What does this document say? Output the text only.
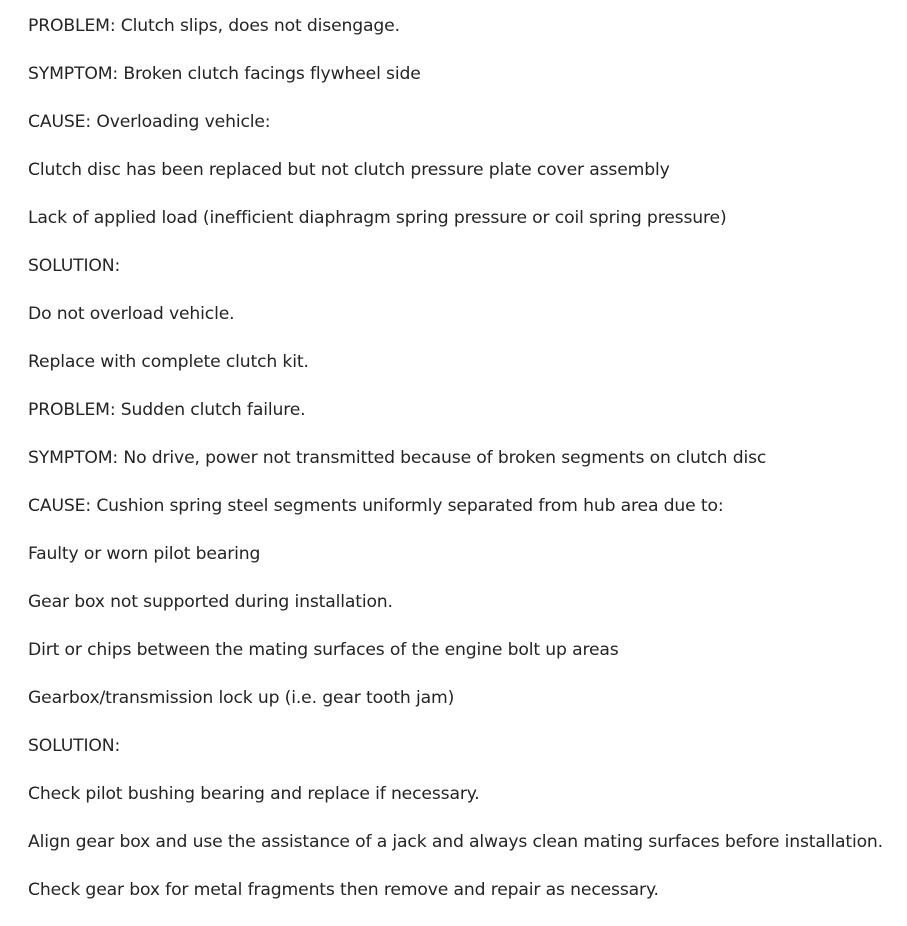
PROBLEM: Clutch slips, does not disengage.
SYMPTOM: Broken clutch facings flywheel side
CAUSE: Overloading vehicle:
Clutch disc has been replaced but not clutch pressure plate cover assembly
Lack of applied load (inefficient diaphragm spring pressure or coil spring pressure)
SOLUTION:
Do not overload vehicle.
Replace with complete clutch kit.
PROBLEM: Sudden clutch failure.
SYMPTOM: No drive, power not transmitted because of broken segments on clutch disc
CAUSE: Cushion spring steel segments uniformly separated from hub area due to:
Faulty or worn pilot bearing
Gear box not supported during installation.
Dirt or chips between the mating surfaces of the engine bolt up areas
Gearbox/transmission lock up (i.e. gear tooth jam)
SOLUTION:
Check pilot bushing bearing and replace if necessary.
Align gear box and use the assistance of a jack and always clean mating surfaces before installation.
Check gear box for metal fragments then remove and repair as necessary.
